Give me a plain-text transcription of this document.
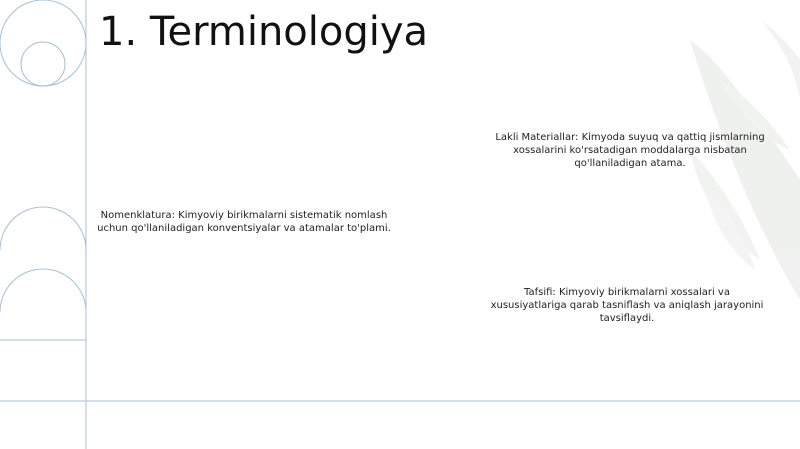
1. Terminologiya
Lakli Materiallar: Kimyoda suyuq va qattiq jismlarning xossalarini ko'rsatadigan moddalarga nisbatan qo'llaniladigan atama.
Nomenklatura: Kimyoviy birikmalarni sistematik nomlash uchun qo'llaniladigan konventsiyalar va atamalar to'plami.
Tafsifi: Kimyoviy birikmalarni xossalari va xususiyatlariga qarab tasniflash va aniqlash jarayonini tavsiflaydi.
